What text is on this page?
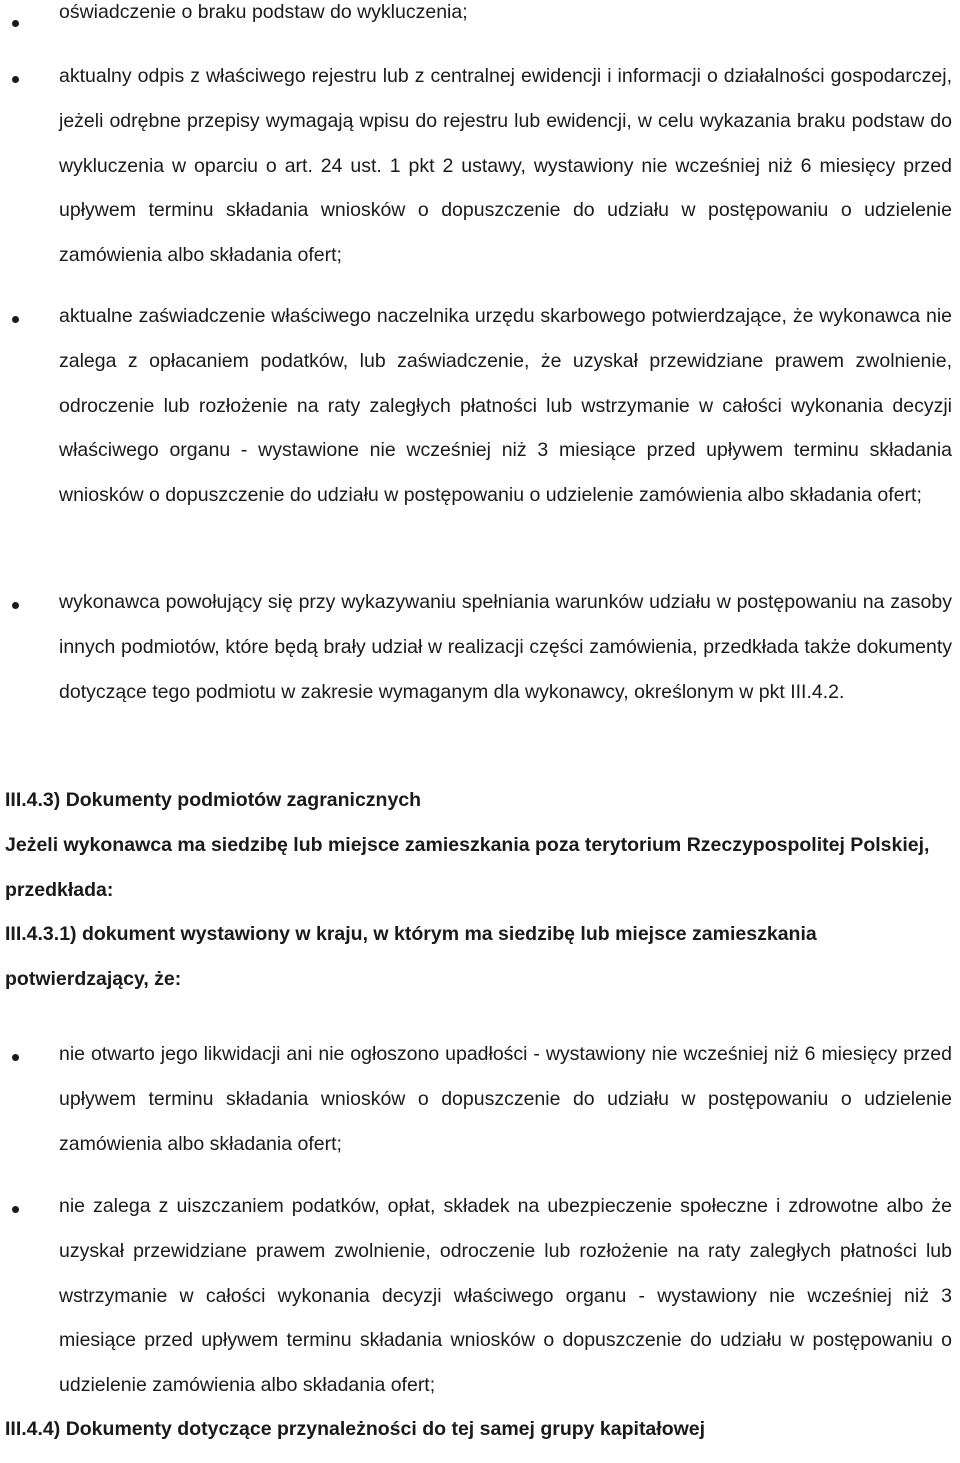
oświadczenie o braku podstaw do wykluczenia;

aktualny odpis z właściwego rejestru lub z centralnej ewidencji i informacji o działalności gospodarczej, jeżeli odrębne przepisy wymagają wpisu do rejestru lub ewidencji, w celu wykazania braku podstaw do wykluczenia w oparciu o art. 24 ust. 1 pkt 2 ustawy, wystawiony nie wcześniej niż 6 miesięcy przed upływem terminu składania wniosków o dopuszczenie do udziału w postępowaniu o udzielenie zamówienia albo składania ofert;

aktualne zaświadczenie właściwego naczelnika urzędu skarbowego potwierdzające, że wykonawca nie zalega z opłacaniem podatków, lub zaświadczenie, że uzyskał przewidziane prawem zwolnienie, odroczenie lub rozłożenie na raty zaległych płatności lub wstrzymanie w całości wykonania decyzji właściwego organu - wystawione nie wcześniej niż 3 miesiące przed upływem terminu składania wniosków o dopuszczenie do udziału w postępowaniu o udzielenie zamówienia albo składania ofert;

wykonawca powołujący się przy wykazywaniu spełniania warunków udziału w postępowaniu na zasoby innych podmiotów, które będą brały udział w realizacji części zamówienia, przedkłada także dokumenty dotyczące tego podmiotu w zakresie wymaganym dla wykonawcy, określonym w pkt III.4.2.

III.4.3) Dokumenty podmiotów zagranicznych

Jeżeli wykonawca ma siedzibę lub miejsce zamieszkania poza terytorium Rzeczypospolitej Polskiej, przedkłada:

III.4.3.1) dokument wystawiony w kraju, w którym ma siedzibę lub miejsce zamieszkania potwierdzający, że:

nie otwarto jego likwidacji ani nie ogłoszono upadłości - wystawiony nie wcześniej niż 6 miesięcy przed upływem terminu składania wniosków o dopuszczenie do udziału w postępowaniu o udzielenie zamówienia albo składania ofert;

nie zalega z uiszczaniem podatków, opłat, składek na ubezpieczenie społeczne i zdrowotne albo że uzyskał przewidziane prawem zwolnienie, odroczenie lub rozłożenie na raty zaległych płatności lub wstrzymanie w całości wykonania decyzji właściwego organu - wystawiony nie wcześniej niż 3 miesiące przed upływem terminu składania wniosków o dopuszczenie do udziału w postępowaniu o udzielenie zamówienia albo składania ofert;

III.4.4) Dokumenty dotyczące przynależności do tej samej grupy kapitałowej
